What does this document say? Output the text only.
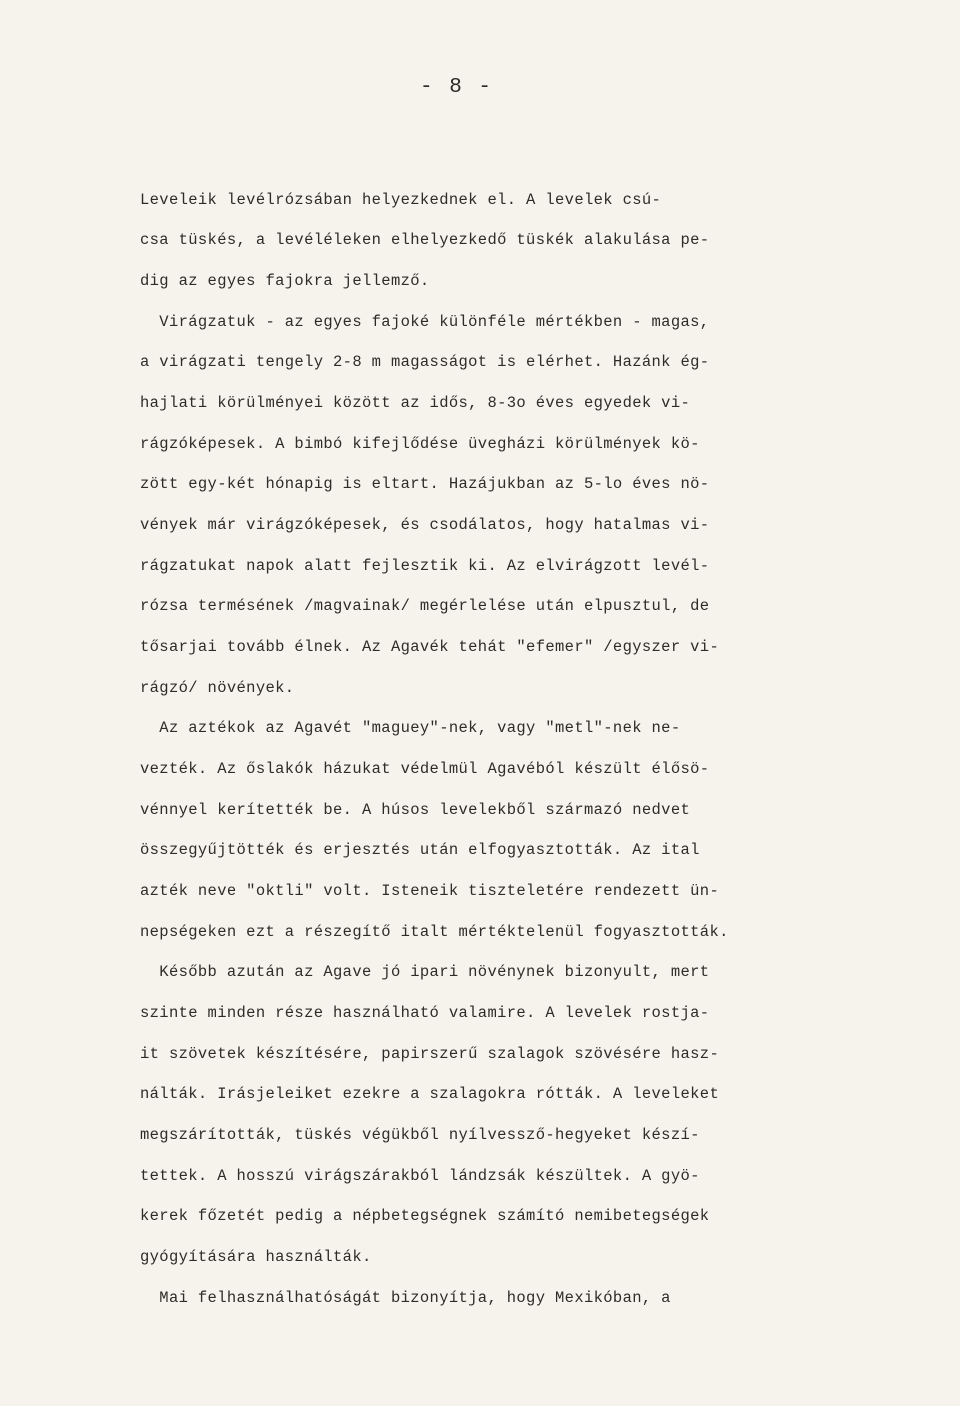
- 8 -
Leveleik levélrózsában helyezkednek el. A levelek csú-
csa tüskés, a levéléleken elhelyezkedő tüskék alakulása pe-
dig az egyes fajokra jellemző.
Virágzatuk - az egyes fajoké különféle mértékben - magas,
a virágzati tengely 2-8 m magasságot is elérhet. Hazánk ég-
hajlati körülményei között az idős, 8-3o éves egyedek vi-
rágzóképesek. A bimbó kifejlődése üvegházi körülmények kö-
zött egy-két hónapig is eltart. Hazájukban az 5-lo éves nö-
vények már virágzóképesek, és csodálatos, hogy hatalmas vi-
rágzatukat napok alatt fejlesztik ki. Az elvirágzott levél-
rózsa termésének /magvainak/ megérlelése után elpusztul, de
tősarjai tovább élnek. Az Agavék tehát "efemer" /egyszer vi-
rágzó/ növények.
Az aztékok az Agavét "maguey"-nek, vagy "metl"-nek ne-
vezték. Az őslakók házukat védelmül Agavéból készült élősö-
vénnyel kerítették be. A húsos levelekből származó nedvet
összegyűjtötték és erjesztés után elfogyasztották. Az ital
azték neve "oktli" volt. Isteneik tiszteletére rendezett ün-
nepségeken ezt a részegítő italt mértéktelenül fogyasztották.
Később azután az Agave jó ipari növénynek bizonyult, mert
szinte minden része használható valamire. A levelek rostja-
it szövetek készítésére, papirszerű szalagok szövésére hasz-
nálták. Irásjeleiket ezekre a szalagokra rótták. A leveleket
megszárították, tüskés végükből nyílvessző-hegyeket készí-
tettek. A hosszú virágszárakból lándzsák készültek. A gyö-
kerek főzetét pedig a népbetegségnek számító nemibetegségek
gyógyítására használták.
Mai felhasználhatóságát bizonyítja, hogy Mexikóban, a
